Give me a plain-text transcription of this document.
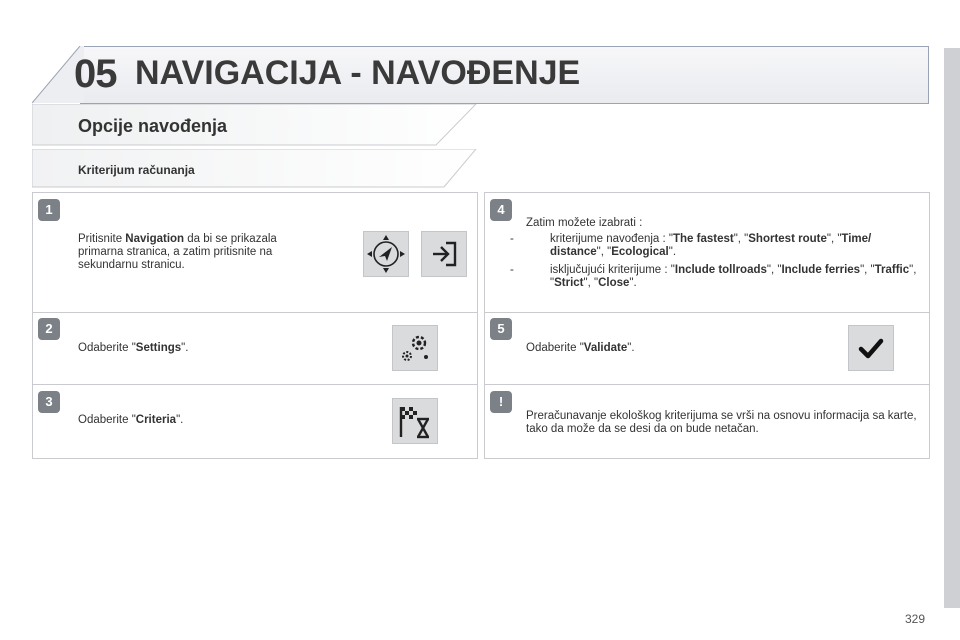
05 NAVIGACIJA - NAVOĐENJE
Opcije navođenja
Kriterijum računanja
1
Pritisnite Navigation da bi se prikazala primarna stranica, a zatim pritisnite na sekundarnu stranicu.
2
Odaberite "Settings".
3
Odaberite "Criteria".
4
Zatim možete izabrati :
-	kriterijume navođenja : "The fastest", "Shortest route", "Time/ distance", "Ecological".
-	isključujući kriterijume : "Include tollroads", "Include ferries", "Traffic", "Strict", "Close".
5
Odaberite "Validate".
!
Preračunavanje ekološkog kriterijuma se vrši na osnovu informacija sa karte, tako da može da se desi da on bude netačan.
329
